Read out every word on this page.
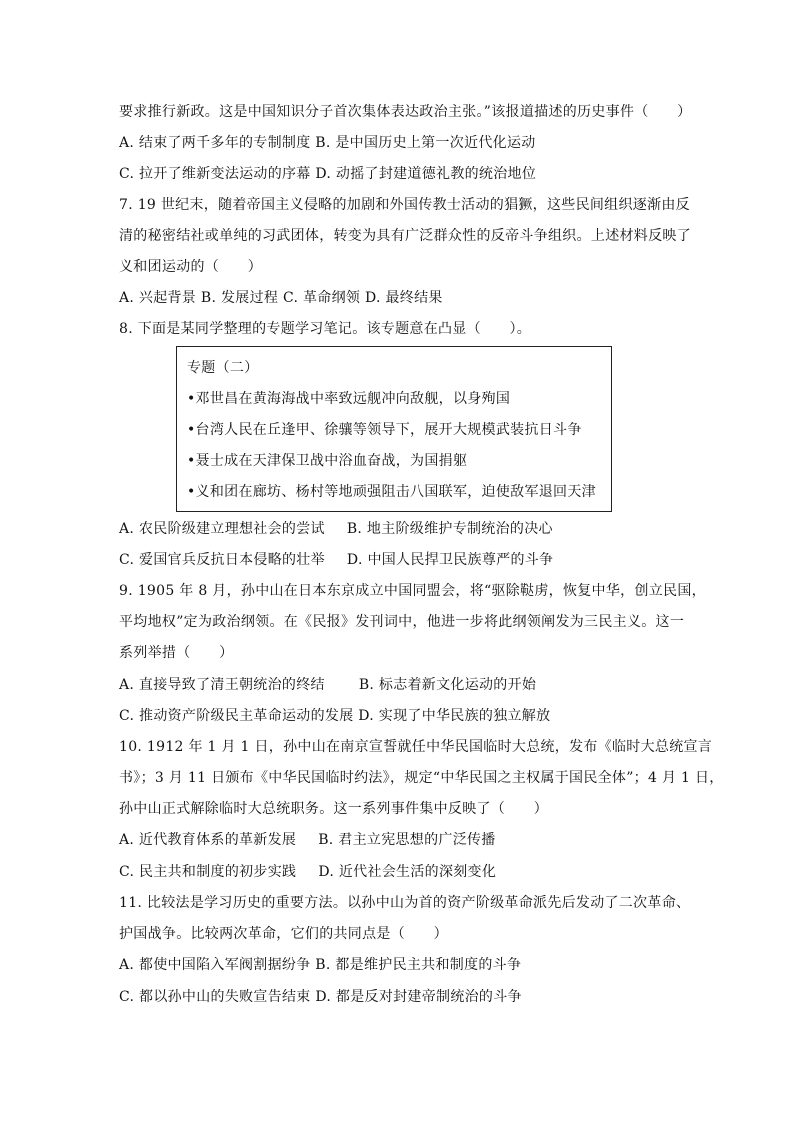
要求推行新政。这是中国知识分子首次集体表达政治主张。”该报道描述的历史事件（　　）
A. 结束了两千多年的专制制度 B. 是中国历史上第一次近代化运动
C. 拉开了维新变法运动的序幕 D. 动摇了封建道德礼教的统治地位
7. 19 世纪末，随着帝国主义侵略的加剧和外国传教士活动的猖獗，这些民间组织逐渐由反
清的秘密结社或单纯的习武团体，转变为具有广泛群众性的反帝斗争组织。上述材料反映了
义和团运动的（　　）
A. 兴起背景 B. 发展过程 C. 革命纲领 D. 最终结果
8. 下面是某同学整理的专题学习笔记。该专题意在凸显（　　）。
专题（二）
•邓世昌在黄海海战中率致远舰冲向敌舰，以身殉国
•台湾人民在丘逢甲、徐骧等领导下，展开大规模武装抗日斗争
•聂士成在天津保卫战中浴血奋战，为国捐躯
•义和团在廊坊、杨村等地顽强阻击八国联军，迫使敌军退回天津
A. 农民阶级建立理想社会的尝试 B. 地主阶级维护专制统治的决心
C. 爱国官兵反抗日本侵略的壮举 D. 中国人民捍卫民族尊严的斗争
9. 1905 年 8 月，孙中山在日本东京成立中国同盟会，将“驱除鞑虏，恢复中华，创立民国，
平均地权”定为政治纲领。在《民报》发刊词中，他进一步将此纲领阐发为三民主义。这一
系列举措（　　）
A. 直接导致了清王朝统治的终结 B. 标志着新文化运动的开始
C. 推动资产阶级民主革命运动的发展 D. 实现了中华民族的独立解放
10. 1912 年 1 月 1 日，孙中山在南京宣誓就任中华民国临时大总统，发布《临时大总统宣言
书》；3 月 11 日颁布《中华民国临时约法》，规定“中华民国之主权属于国民全体”；4 月 1 日，
孙中山正式解除临时大总统职务。这一系列事件集中反映了（　　）
A. 近代教育体系的革新发展 B. 君主立宪思想的广泛传播
C. 民主共和制度的初步实践 D. 近代社会生活的深刻变化
11. 比较法是学习历史的重要方法。以孙中山为首的资产阶级革命派先后发动了二次革命、
护国战争。比较两次革命，它们的共同点是（　　）
A. 都使中国陷入军阀割据纷争 B. 都是维护民主共和制度的斗争
C. 都以孙中山的失败宣告结束 D. 都是反对封建帝制统治的斗争
